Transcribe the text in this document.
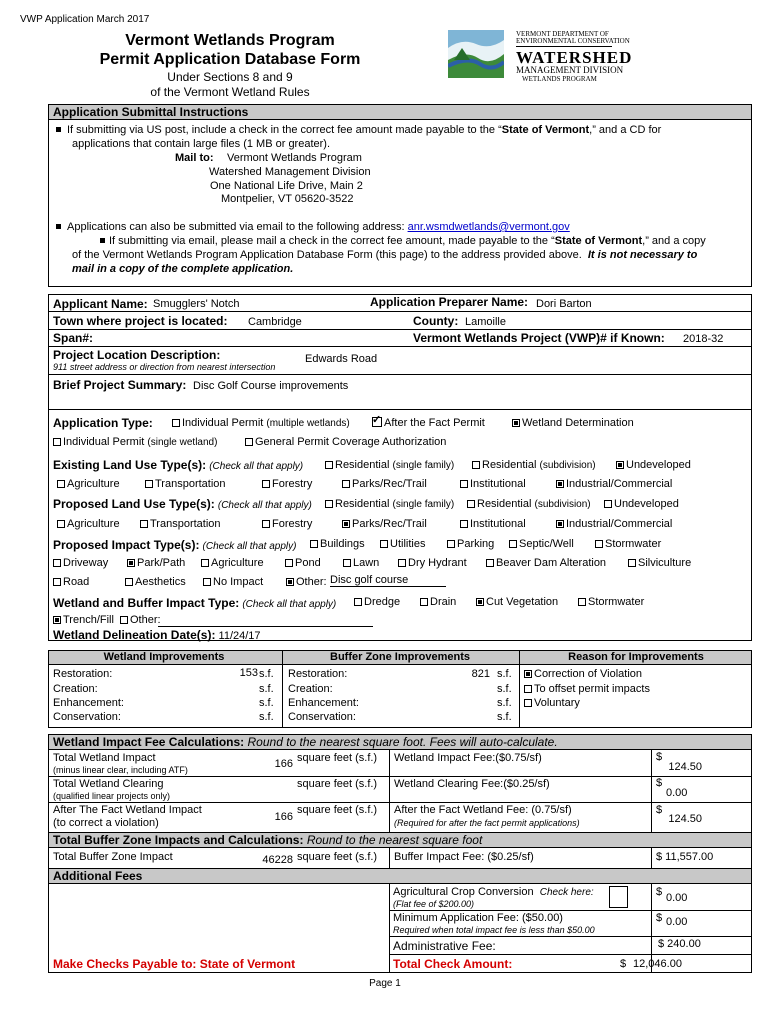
VWP Application March 2017
Vermont Wetlands Program
Permit Application Database Form
Under Sections 8 and 9
of the Vermont Wetland Rules
VERMONT DEPARTMENT OF
ENVIRONMENTAL CONSERVATION
WATERSHED
MANAGEMENT DIVISION
WETLANDS PROGRAM
Application Submittal Instructions
If submitting via US post, include a check in the correct fee amount made payable to the “State of Vermont,” and a CD for
applications that contain large files (1 MB or greater).
Mail to: Vermont Wetlands Program
Watershed Management Division
One National Life Drive, Main 2
Montpelier, VT 05620-3522
Applications can also be submitted via email to the following address: anr.wsmdwetlands@vermont.gov
If submitting via email, please mail a check in the correct fee amount, made payable to the “State of Vermont,” and a copy
of the Vermont Wetlands Program Application Database Form (this page) to the address provided above. It is not necessary to
mail in a copy of the complete application.
Applicant Name: Smugglers' Notch	Application Preparer Name: Dori Barton
Town where project is located: Cambridge	County: Lamoille
Span#:	Vermont Wetlands Project (VWP)# if Known: 2018-32
Project Location Description:	Edwards Road
911 street address or direction from nearest intersection
Brief Project Summary: Disc Golf Course improvements
Application Type:	Individual Permit (multiple wetlands)
✓	After the Fact Permit	Wetland Determination
Individual Permit (single wetland)	General Permit Coverage Authorization
Existing Land Use Type(s): (Check all that apply)	Residential (single family)	Residential (subdivision)	Undeveloped
Agriculture	Transportation	Forestry	Parks/Rec/Trail	Institutional	Industrial/Commercial
Proposed Land Use Type(s): (Check all that apply)	Residential (single family)	Residential (subdivision)	Undeveloped
Agriculture	Transportation	Forestry	Parks/Rec/Trail	Institutional	Industrial/Commercial
Proposed Impact Type(s): (Check all that apply)	Buildings	Utilities	Parking	Septic/Well	Stormwater
Driveway	Park/Path	Agriculture	Pond	Lawn	Dry Hydrant	Beaver Dam Alteration	Silviculture
Road	Aesthetics	No Impact	Other: Disc golf course
Wetland and Buffer Impact Type: (Check all that apply)	Dredge	Drain	Cut Vegetation	Stormwater
Trench/Fill	Other:
Wetland Delineation Date(s): 11/24/17
Wetland Improvements	Buffer Zone Improvements	Reason for Improvements
Restoration:
Creation:
Enhancement:
Conservation:
153 s.f.
s.f.
s.f.
s.f.
Restoration:
Creation:
Enhancement:
Conservation:
821 s.f.
s.f.
s.f.
s.f.
Correction of Violation
To offset permit impacts
Voluntary
Wetland Impact Fee Calculations: Round to the nearest square foot. Fees will auto-calculate.
Total Wetland Impact
(minus linear clear, including ATF)	166 square feet (s.f.) Wetland Impact Fee:($0.75/sf)	$
124.50
Total Wetland Clearing
(qualified linear projects only)
square feet (s.f.) Wetland Clearing Fee:($0.25/sf)	$
0.00
After The Fact Wetland Impact
(to correct a violation)	166
square feet (s.f.) After the Fact Wetland Fee: (0.75/sf)
(Required for after the fact permit applications)
$
124.50
Total Buffer Zone Impacts and Calculations: Round to the nearest square foot
Total Buffer Zone Impact	46228 square feet (s.f.) Buffer Impact Fee: ($0.25/sf)	$ 11,557.00
Additional Fees
Agricultural Crop Conversion Check here:
(Flat fee of $200.00)
$ 0.00
Minimum Application Fee: ($50.00)
Required when total impact fee is less than $50.00
$ 0.00
Administrative Fee:	$ 240.00
Make Checks Payable to: State of Vermont	Total Check Amount:	$ 12,046.00
Page 1
